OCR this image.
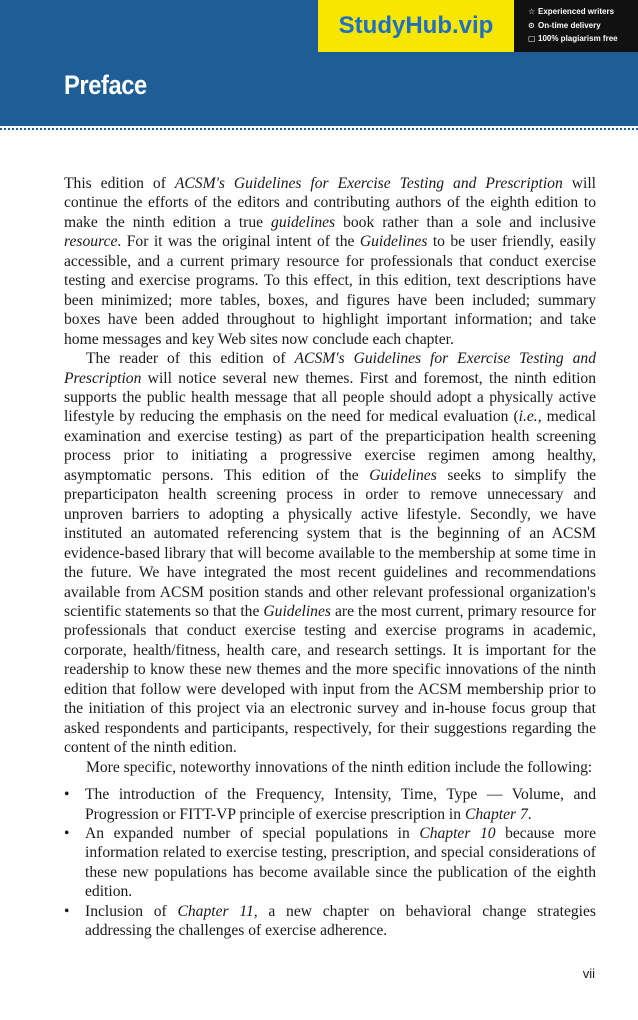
Preface
StudyHub.vip
☆ Experienced writers
⊙ On-time delivery
▢ 100% plagiarism free

This edition of ACSM's Guidelines for Exercise Testing and Prescription will continue the efforts of the editors and contributing authors of the eighth edition to make the ninth edition a true guidelines book rather than a sole and inclusive resource. For it was the original intent of the Guidelines to be user friendly, easily accessible, and a current primary resource for professionals that conduct exercise testing and exercise programs. To this effect, in this edition, text descriptions have been minimized; more tables, boxes, and figures have been included; summary boxes have been added throughout to highlight important information; and take home messages and key Web sites now conclude each chapter.

The reader of this edition of ACSM's Guidelines for Exercise Testing and Prescription will notice several new themes. First and foremost, the ninth edition supports the public health message that all people should adopt a physically active lifestyle by reducing the emphasis on the need for medical evaluation (i.e., medical examination and exercise testing) as part of the preparticipation health screening process prior to initiating a progressive exercise regimen among healthy, asymptomatic persons. This edition of the Guidelines seeks to simplify the preparticipaton health screening process in order to remove unnecessary and unproven barriers to adopting a physically active lifestyle. Secondly, we have instituted an automated referencing system that is the beginning of an ACSM evidence-based library that will become available to the membership at some time in the future. We have integrated the most recent guidelines and recommendations available from ACSM position stands and other relevant professional organization's scientific statements so that the Guidelines are the most current, primary resource for professionals that conduct exercise testing and exercise programs in academic, corporate, health/fitness, health care, and research settings. It is important for the readership to know these new themes and the more specific innovations of the ninth edition that follow were developed with input from the ACSM membership prior to the initiation of this project via an electronic survey and in-house focus group that asked respondents and participants, respectively, for their suggestions regarding the content of the ninth edition.

More specific, noteworthy innovations of the ninth edition include the following:

• The introduction of the Frequency, Intensity, Time, Type — Volume, and Progression or FITT-VP principle of exercise prescription in Chapter 7.
• An expanded number of special populations in Chapter 10 because more information related to exercise testing, prescription, and special considerations of these new populations has become available since the publication of the eighth edition.
• Inclusion of Chapter 11, a new chapter on behavioral change strategies addressing the challenges of exercise adherence.
vii
